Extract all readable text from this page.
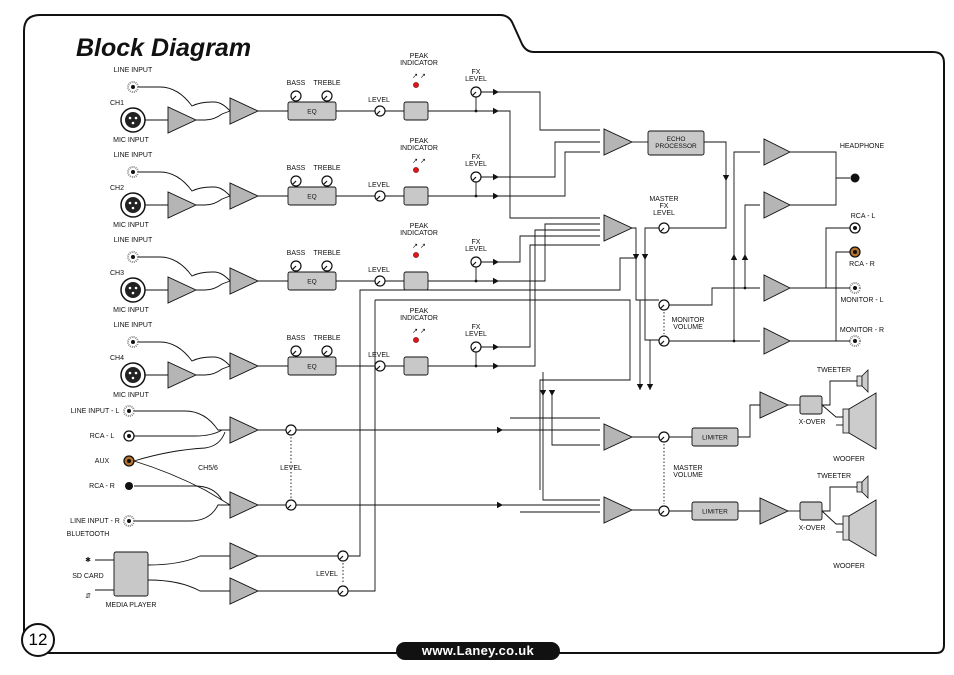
LINE INPUT
CH1
MIC INPUT
BASS TREBLE
EQ
LEVEL
PEAK
INDICATOR
↗ ↗
FX
LEVEL
LINE INPUT
CH2
MIC INPUT
BASS TREBLE
EQ
LEVEL
PEAK
INDICATOR
↗ ↗
FX
LEVEL
LINE INPUT
CH3
MIC INPUT
BASS TREBLE
EQ
LEVEL
PEAK
INDICATOR
↗ ↗
FX
LEVEL
LINE INPUT
CH4
MIC INPUT
BASS TREBLE
EQ
LEVEL
PEAK
INDICATOR
↗ ↗
FX
LEVEL
ECHO
PROCESSOR
MASTER
FX
LEVEL
MONITOR
VOLUME
MONITOR - L
MONITOR - R
HEADPHONE
RCA - L
RCA - R
LINE INPUT - L
RCA - L
AUX
RCA - R
LINE INPUT - R
CH5/6	LEVEL
BLUETOOTH
✱
SD CARD
⇵
MEDIA PLAYER
LEVEL
MASTER
VOLUME
LIMITER
LIMITER
X-OVER
X-OVER
TWEETER
WOOFER
TWEETER
WOOFER
Block Diagram
12
www.Laney.co.uk
